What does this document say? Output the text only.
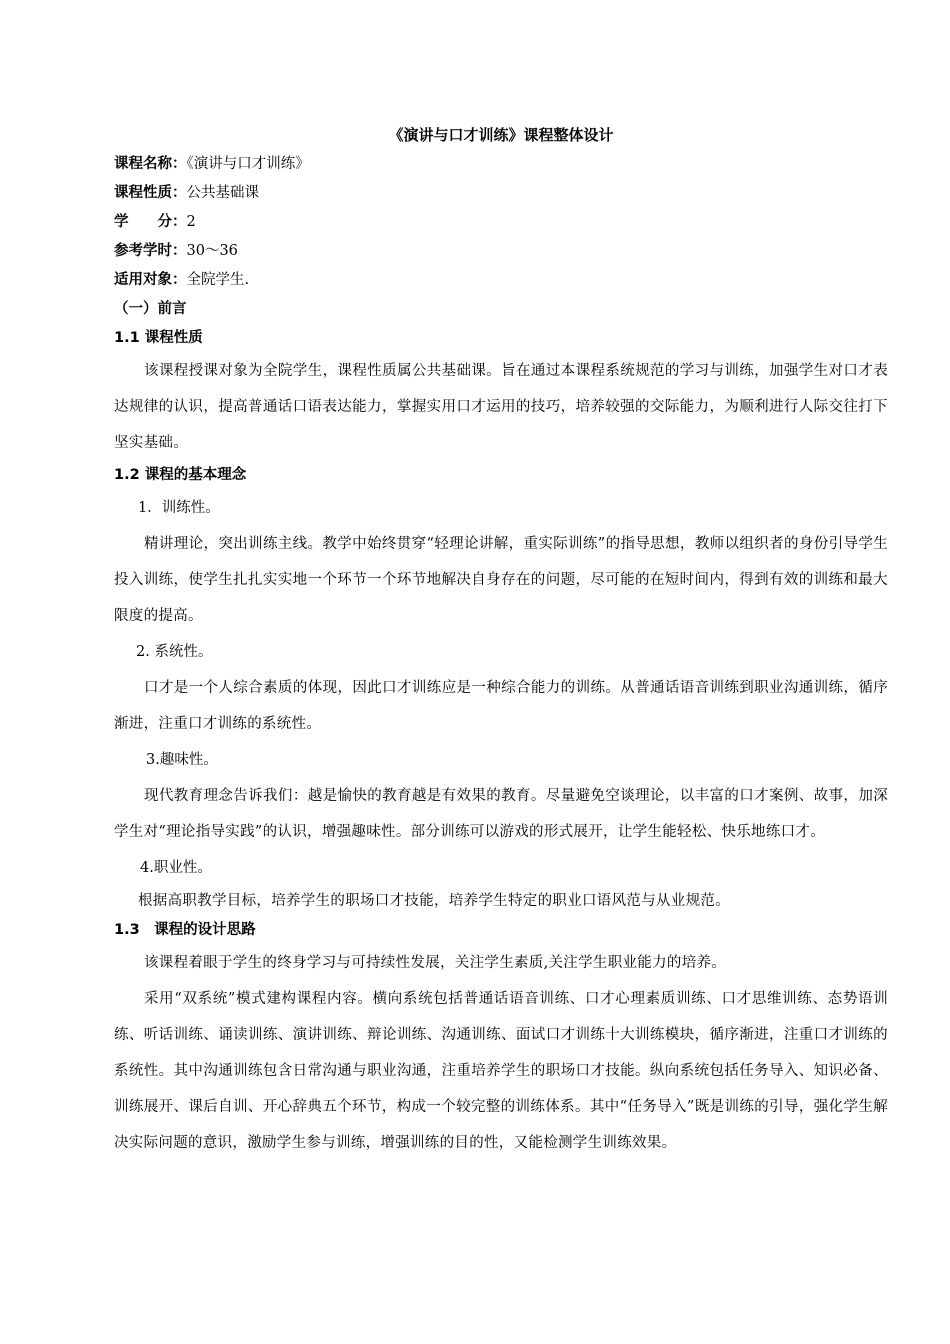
《演讲与口才训练》课程整体设计
课程名称：《演讲与口才训练》
课程性质：公共基础课
学　　分：2
参考学时：30～36
适用对象：全院学生.
（一）前言
1.1 课程性质

该课程授课对象为全院学生，课程性质属公共基础课。旨在通过本课程系统规范的学习与训练，加强学生对口才表达规律的认识，提高普通话口语表达能力，掌握实用口才运用的技巧，培养较强的交际能力，为顺利进行人际交往打下坚实基础。

1.2 课程的基本理念
1．训练性。

精讲理论，突出训练主线。教学中始终贯穿“轻理论讲解，重实际训练”的指导思想，教师以组织者的身份引导学生投入训练，使学生扎扎实实地一个环节一个环节地解决自身存在的问题，尽可能的在短时间内，得到有效的训练和最大限度的提高。

2. 系统性。

口才是一个人综合素质的体现，因此口才训练应是一种综合能力的训练。从普通话语音训练到职业沟通训练，循序渐进，注重口才训练的系统性。

3.趣味性。

现代教育理念告诉我们：越是愉快的教育越是有效果的教育。尽量避免空谈理论，以丰富的口才案例、故事，加深学生对“理论指导实践”的认识，增强趣味性。部分训练可以游戏的形式展开，让学生能轻松、快乐地练口才。

4.职业性。

根据高职教学目标，培养学生的职场口才技能，培养学生特定的职业口语风范与从业规范。

1.3　课程的设计思路

该课程着眼于学生的终身学习与可持续性发展，关注学生素质,关注学生职业能力的培养。

采用“双系统”模式建构课程内容。横向系统包括普通话语音训练、口才心理素质训练、口才思维训练、态势语训练、听话训练、诵读训练、演讲训练、辩论训练、沟通训练、面试口才训练十大训练模块，循序渐进，注重口才训练的系统性。其中沟通训练包含日常沟通与职业沟通，注重培养学生的职场口才技能。纵向系统包括任务导入、知识必备、训练展开、课后自训、开心辞典五个环节，构成一个较完整的训练体系。其中“任务导入”既是训练的引导，强化学生解决实际问题的意识，激励学生参与训练，增强训练的目的性，又能检测学生训练效果。
